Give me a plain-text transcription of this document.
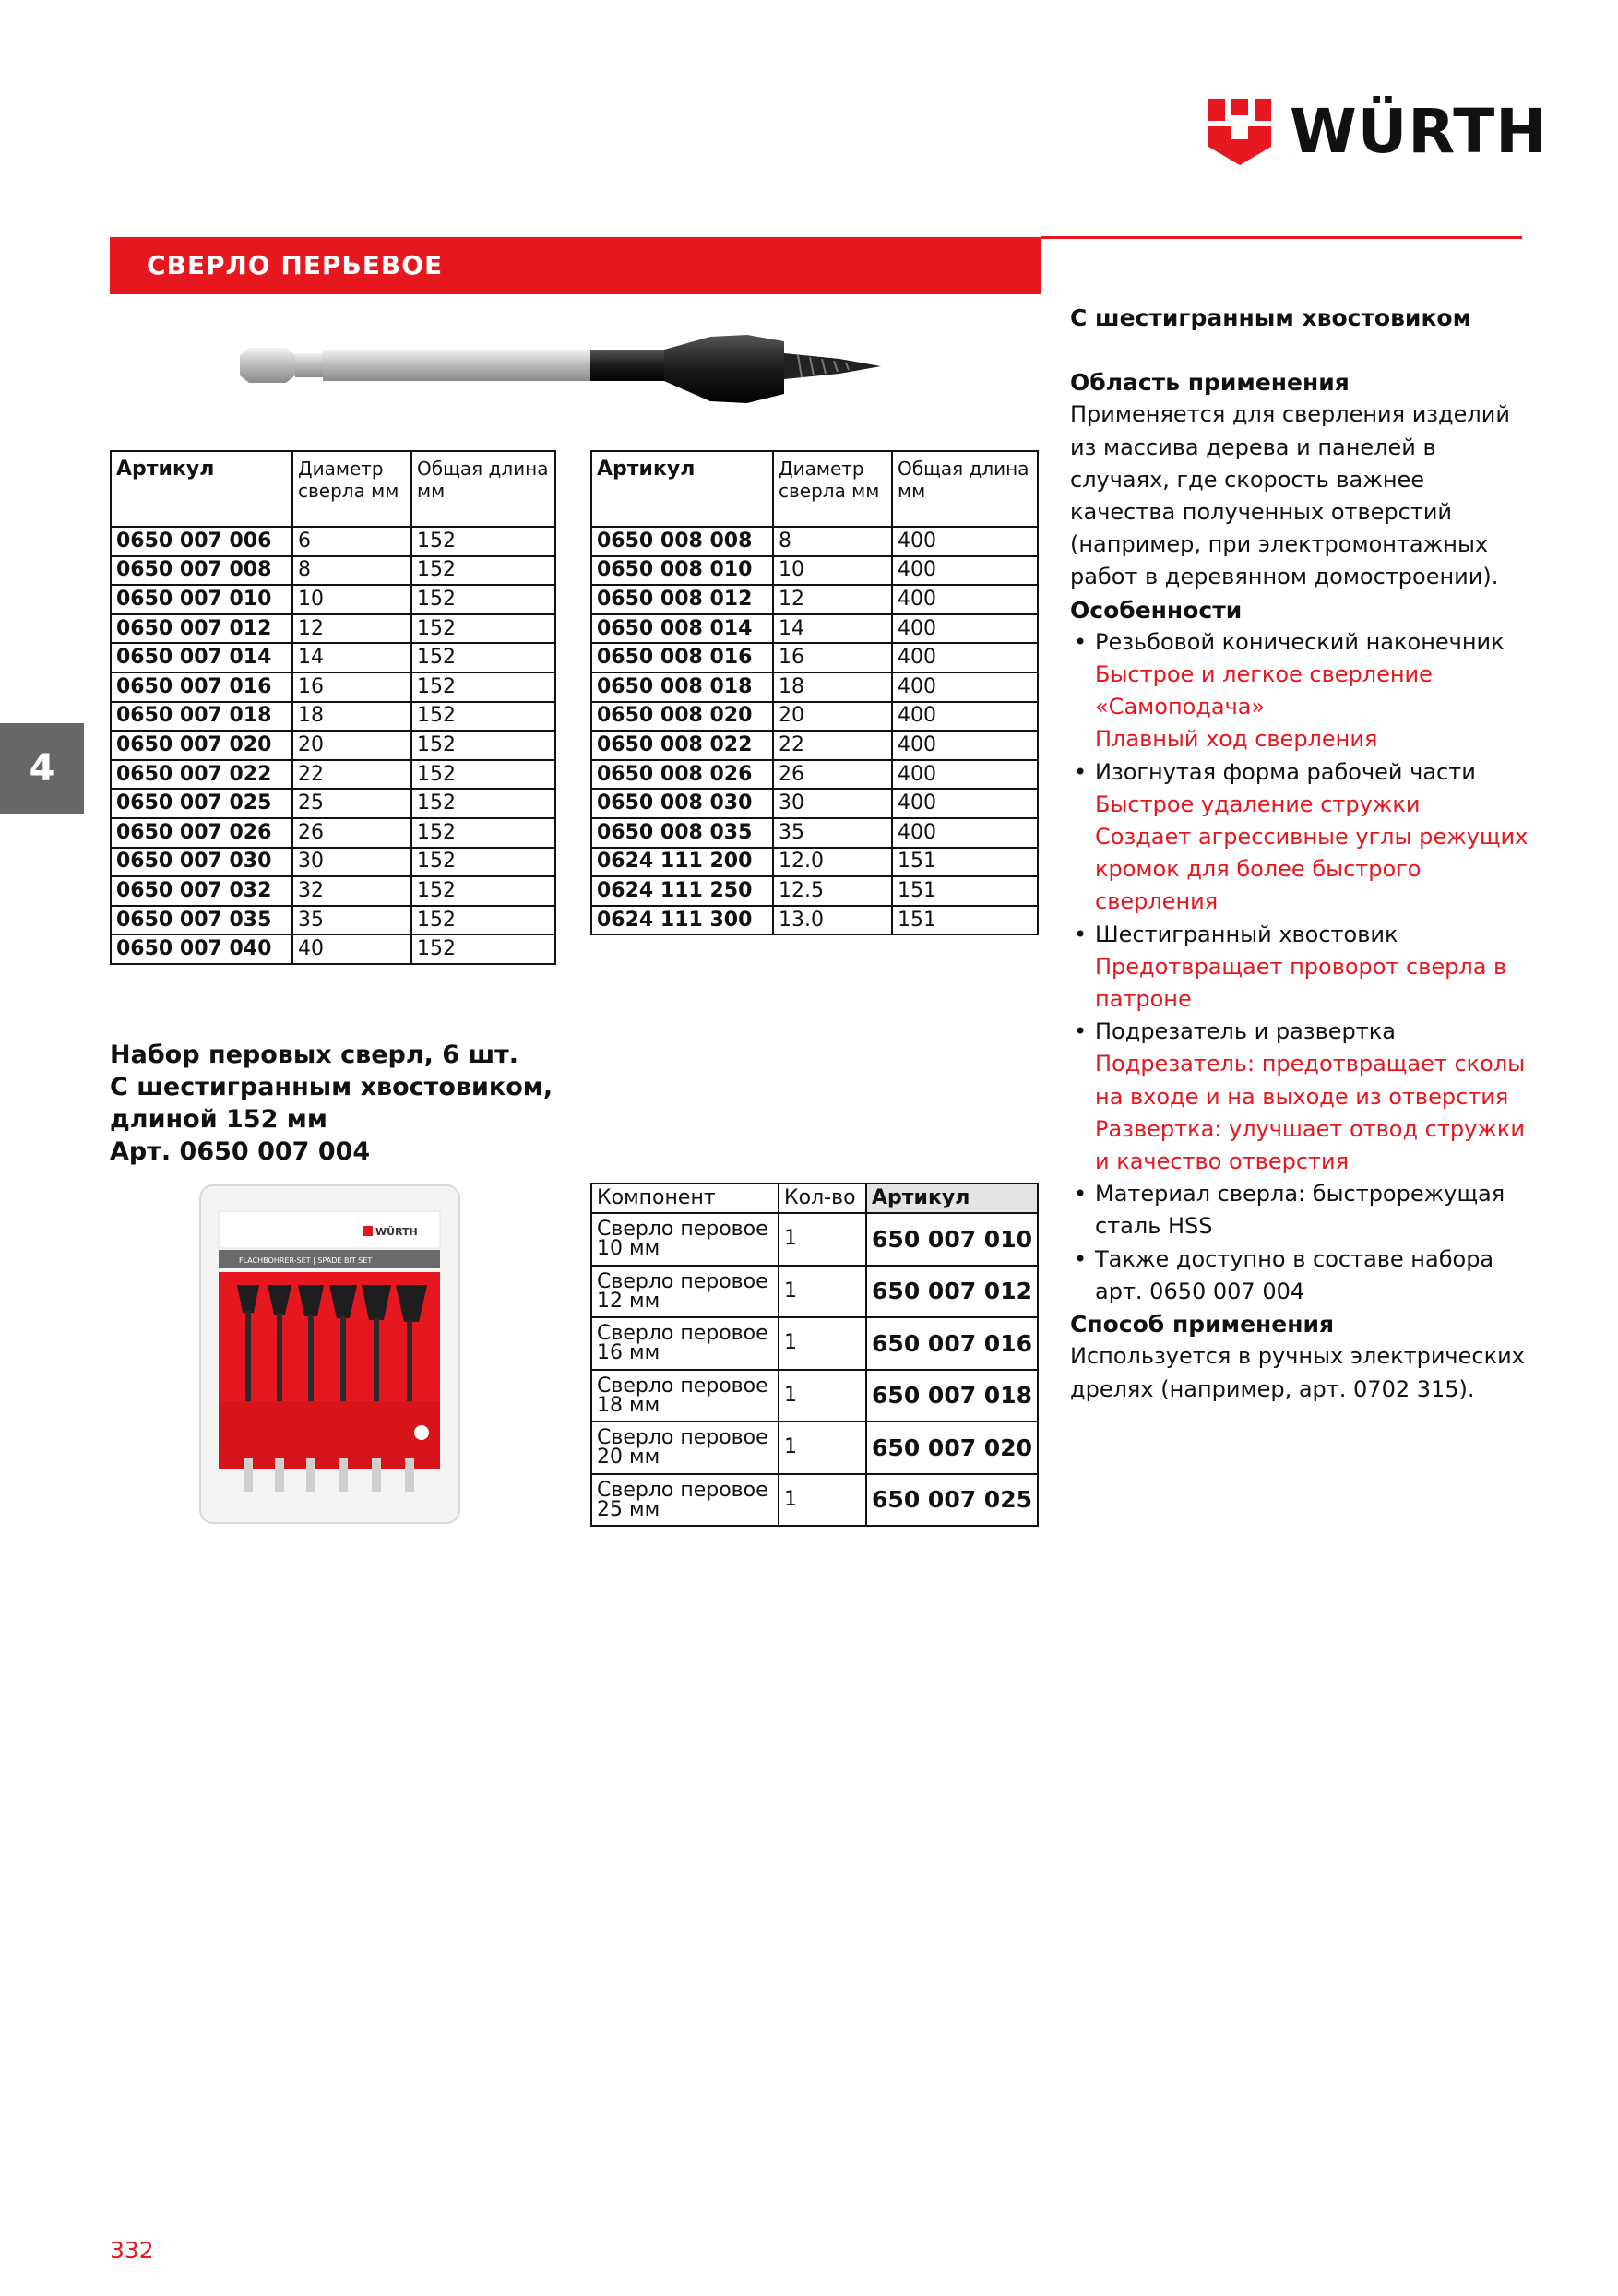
WÜRTH
СВЕРЛО ПЕРЬЕВОЕ
4
Артикул	Диаметр сверла мм	Общая длина мм
0650 007 006	6	152
0650 007 008	8	152
0650 007 010	10	152
0650 007 012	12	152
0650 007 014	14	152
0650 007 016	16	152
0650 007 018	18	152
0650 007 020	20	152
0650 007 022	22	152
0650 007 025	25	152
0650 007 026	26	152
0650 007 030	30	152
0650 007 032	32	152
0650 007 035	35	152
0650 007 040	40	152
Артикул	Диаметр сверла мм	Общая длина мм
0650 008 008	8	400
0650 008 010	10	400
0650 008 012	12	400
0650 008 014	14	400
0650 008 016	16	400
0650 008 018	18	400
0650 008 020	20	400
0650 008 022	22	400
0650 008 026	26	400
0650 008 030	30	400
0650 008 035	35	400
0624 111 200	12.0	151
0624 111 250	12.5	151
0624 111 300	13.0	151
Набор перовых сверл, 6 шт.
С шестигранным хвостовиком,
длиной 152 мм
Арт. 0650 007 004
WÜRTH
FLACHBOHRER-SET | SPADE BIT SET
Компонент	Кол-во	Артикул
Сверло перовое 10 мм	1	650 007 010
Сверло перовое 12 мм	1	650 007 012
Сверло перовое 16 мм	1	650 007 016
Сверло перовое 18 мм	1	650 007 018
Сверло перовое 20 мм	1	650 007 020
Сверло перовое 25 мм	1	650 007 025
С шестигранным хвостовиком
Область применения

Применяется для сверления изделий из массива дерева и панелей в случаях, где скорость важнее качества полученных отверстий (например, при электромонтажных работ в деревянном домостроении).

Особенности
• Резьбовой конический наконечник
Быстрое и легкое сверление
«Самоподача»
Плавный ход сверления
• Изогнутая форма рабочей части
Быстрое удаление стружки
Создает агрессивные углы режущих кромок для более быстрого сверления
• Шестигранный хвостовик
Предотвращает проворот сверла в патроне
• Подрезатель и развертка
Подрезатель: предотвращает сколы на входе и на выходе из отверстия
Развертка: улучшает отвод стружки и качество отверстия
• Материал сверла: быстрорежущая сталь HSS
• Также доступно в составе набора арт. 0650 007 004
Способ применения

Используется в ручных электрических дрелях (например, арт. 0702 315).

332
